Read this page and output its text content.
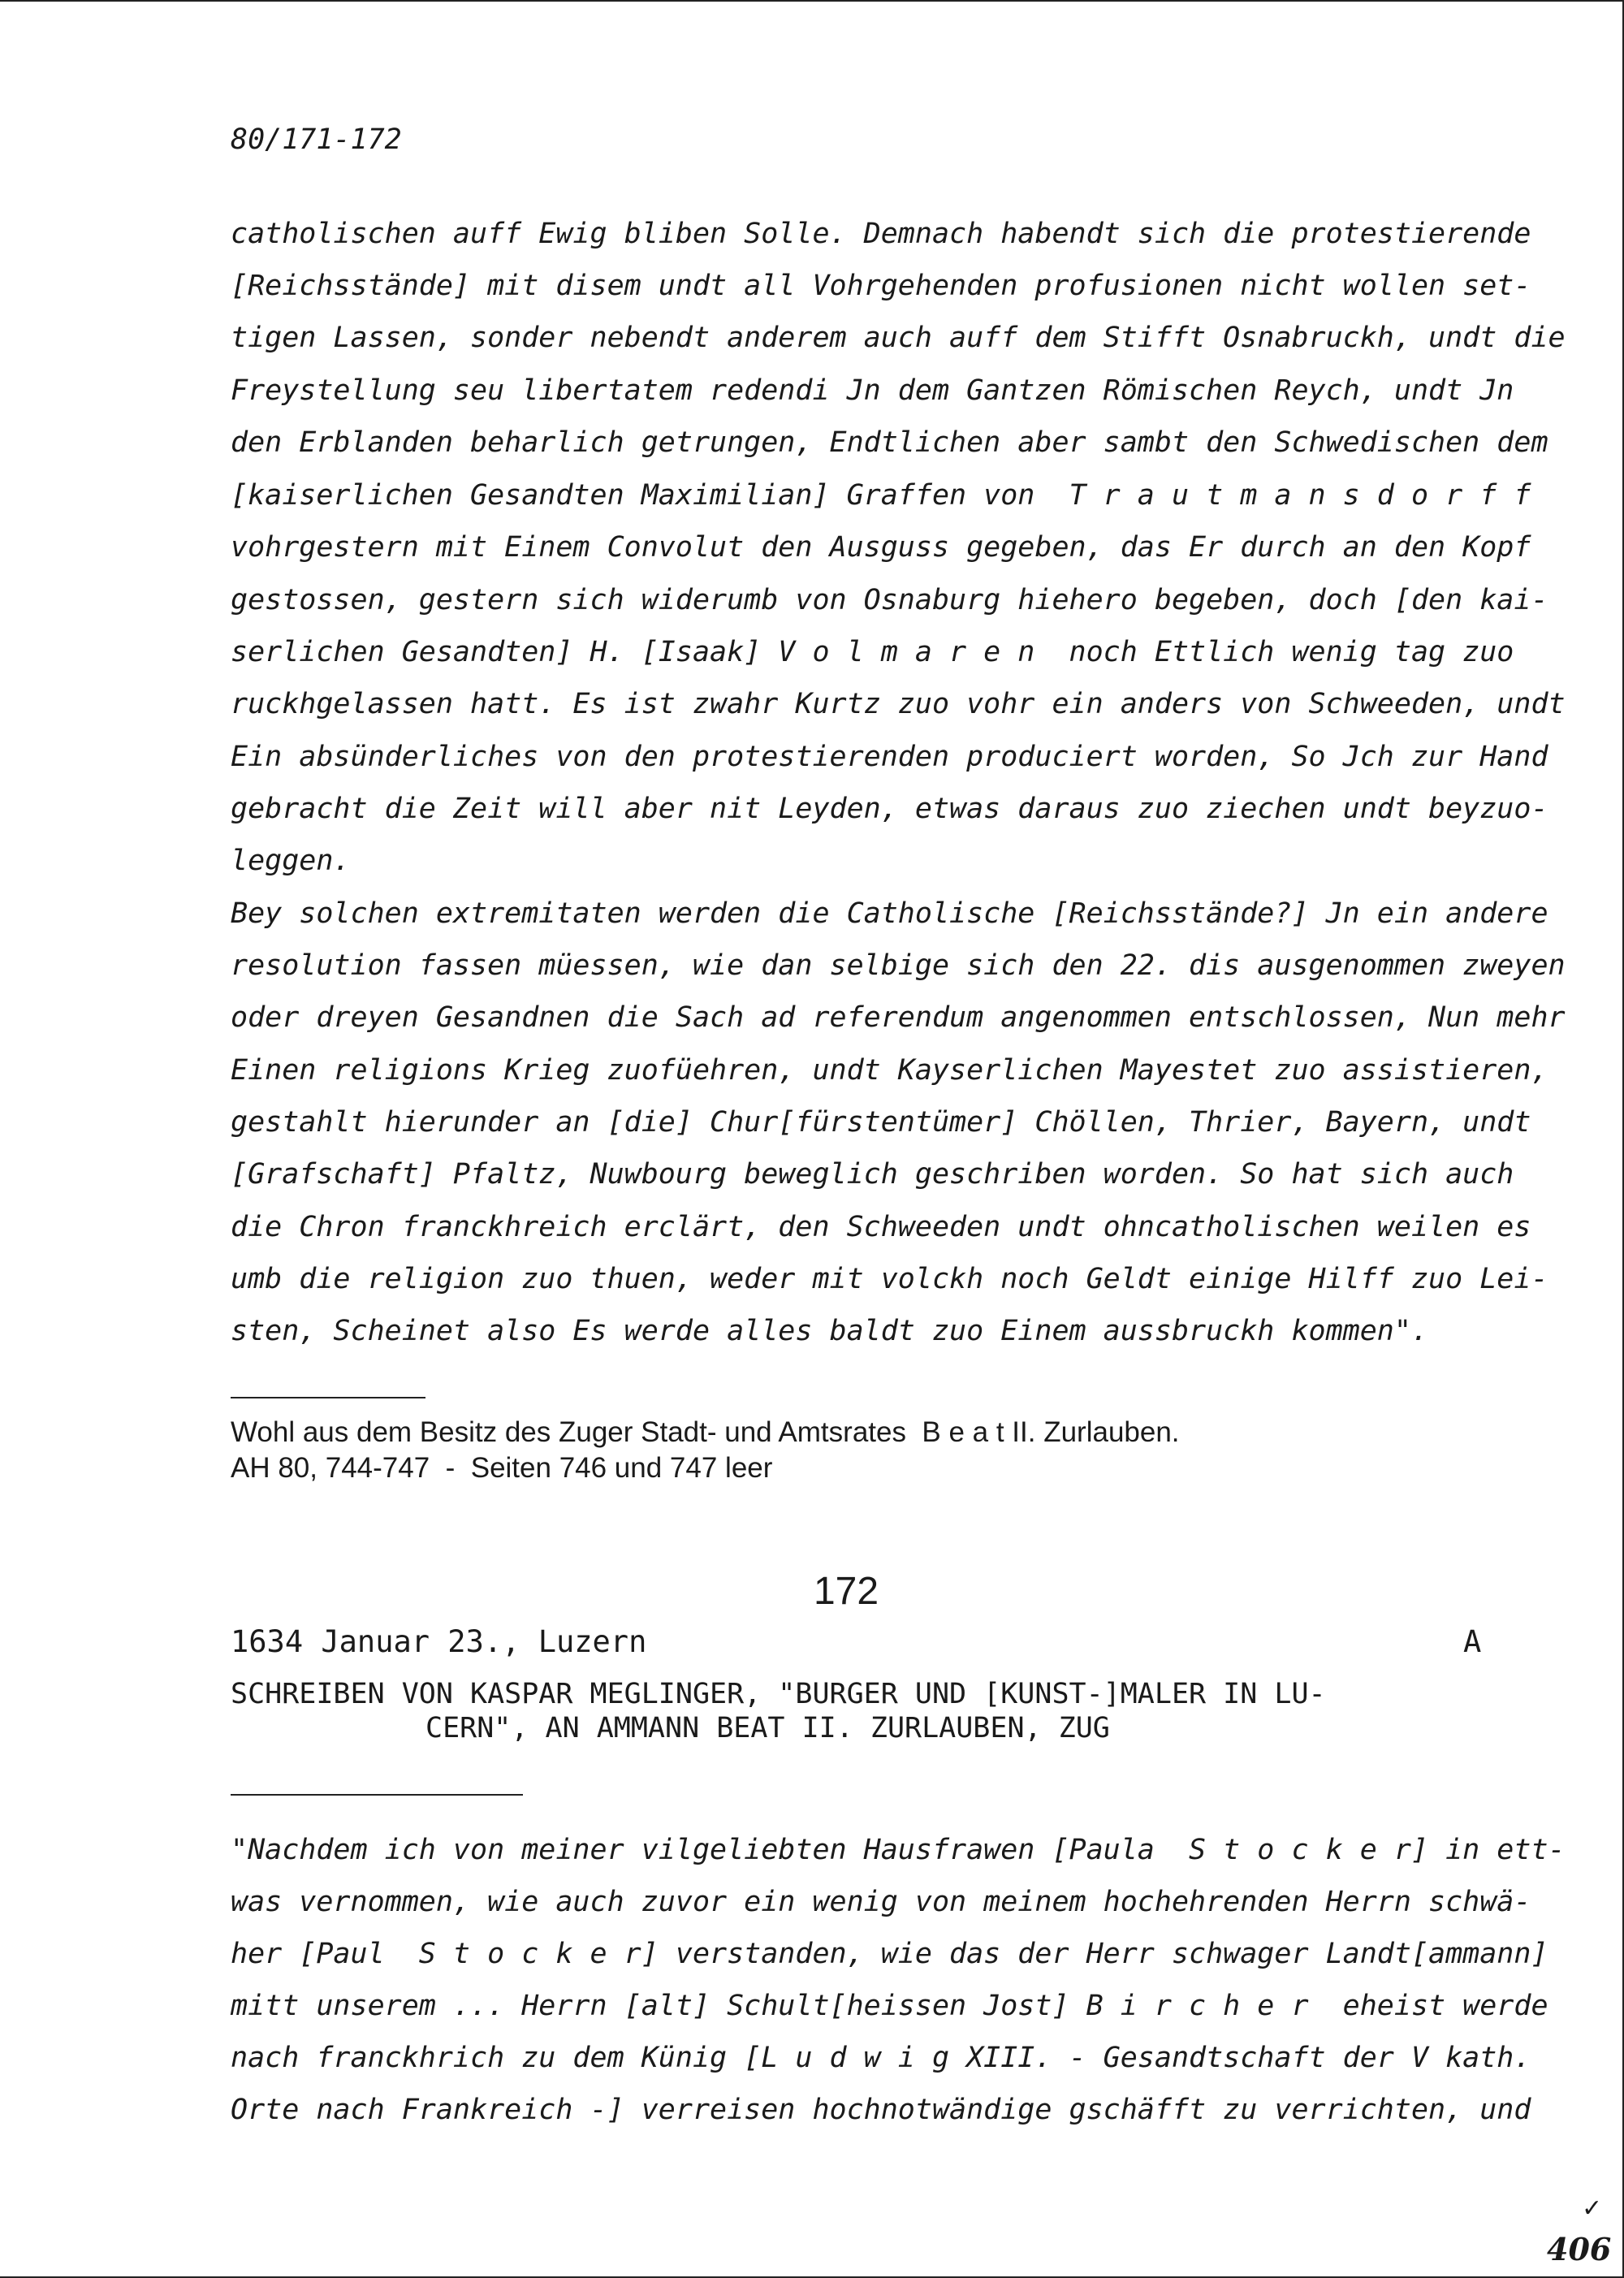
80/171-172
catholischen auff Ewig bliben Solle. Demnach habendt sich die protestierende
[Reichsstände] mit disem undt all Vohrgehenden profusionen nicht wollen set-
tigen Lassen, sonder nebendt anderem auch auff dem Stifft Osnabruckh, undt die
Freystellung seu libertatem redendi Jn dem Gantzen Römischen Reych, undt Jn
den Erblanden beharlich getrungen, Endtlichen aber sambt den Schwedischen dem
[kaiserlichen Gesandten Maximilian] Graffen von  T r a u t m a n s d o r f f
vohrgestern mit Einem Convolut den Ausguss gegeben, das Er durch an den Kopf
gestossen, gestern sich widerumb von Osnaburg hiehero begeben, doch [den kai-
serlichen Gesandten] H. [Isaak] V o l m a r e n  noch Ettlich wenig tag zuo
ruckhgelassen hatt. Es ist zwahr Kurtz zuo vohr ein anders von Schweeden, undt
Ein absünderliches von den protestierenden produciert worden, So Jch zur Hand
gebracht die Zeit will aber nit Leyden, etwas daraus zuo ziechen undt beyzuo-
leggen.
Bey solchen extremitaten werden die Catholische [Reichsstände?] Jn ein andere
resolution fassen müessen, wie dan selbige sich den 22. dis ausgenommen zweyen
oder dreyen Gesandnen die Sach ad referendum angenommen entschlossen, Nun mehr
Einen religions Krieg zuofüehren, undt Kayserlichen Mayestet zuo assistieren,
gestahlt hierunder an [die] Chur[fürstentümer] Chöllen, Thrier, Bayern, undt
[Grafschaft] Pfaltz, Nuwbourg beweglich geschriben worden. So hat sich auch
die Chron franckhreich erclärt, den Schweeden undt ohncatholischen weilen es
umb die religion zuo thuen, weder mit volckh noch Geldt einige Hilff zuo Lei-
sten, Scheinet also Es werde alles baldt zuo Einem aussbruckh kommen".
Wohl aus dem Besitz des Zuger Stadt- und Amtsrates  B e a t II. Zurlauben.
AH 80, 744-747  -  Seiten 746 und 747 leer
172
1634 Januar 23., Luzern	A
SCHREIBEN VON KASPAR MEGLINGER, "BURGER UND [KUNST-]MALER IN LU-
CERN", AN AMMANN BEAT II. ZURLAUBEN, ZUG
"Nachdem ich von meiner vilgeliebten Hausfrawen [Paula  S t o c k e r] in ett-
was vernommen, wie auch zuvor ein wenig von meinem hochehrenden Herrn schwä-
her [Paul  S t o c k e r] verstanden, wie das der Herr schwager Landt[ammann]
mitt unserem ... Herrn [alt] Schult[heissen Jost] B i r c h e r  eheist werde
nach franckhrich zu dem Künig [L u d w i g XIII. - Gesandtschaft der V kath.
Orte nach Frankreich -] verreisen hochnotwändige gschäfft zu verrichten, und
✓
406
